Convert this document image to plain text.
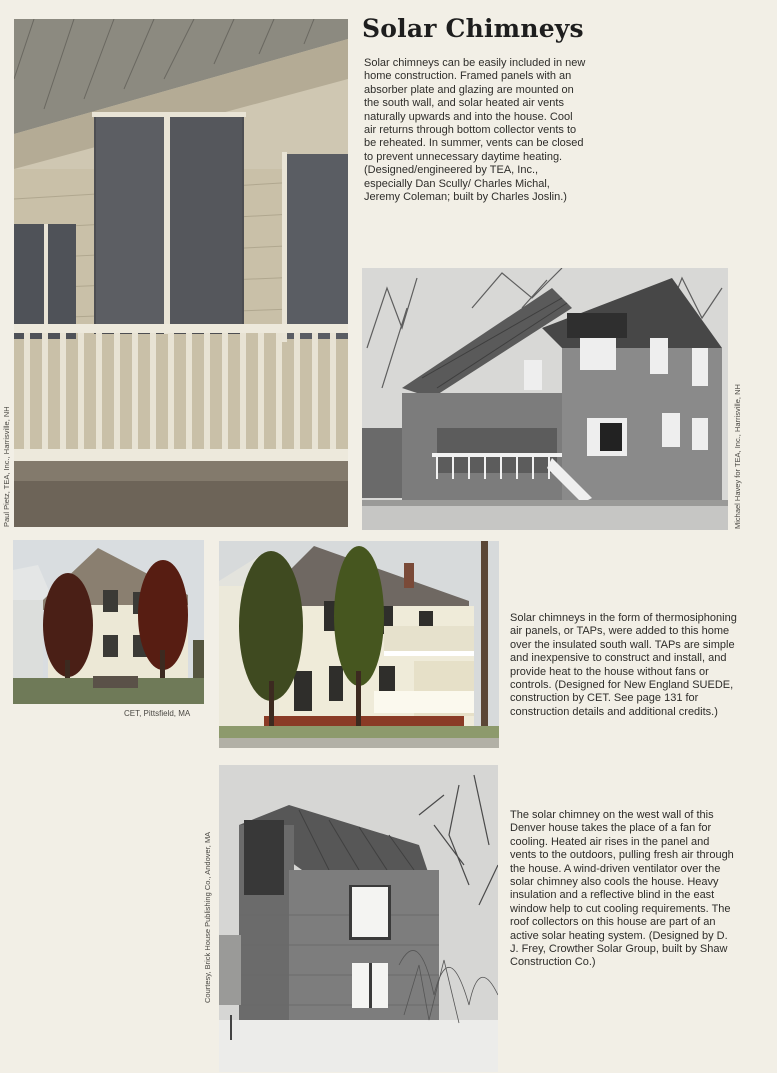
Solar Chimneys

Solar chimneys can be easily included in new home construction. Framed panels with an absorber plate and glazing are mounted on the south wall, and solar heated air vents naturally upwards and into the house. Cool air returns through bottom collector vents to be reheated. In summer, vents can be closed to prevent unnecessary daytime heating. (Designed/engineered by TEA, Inc., especially Dan Scully/ Charles Michal, Jeremy Coleman; built by Charles Joslin.)

Paul Pietz, TEA, Inc., Harrisville, NH	Michael Havey for TEA, Inc., Harrisville, NH
CET, Pittsfield, MA

Solar chimneys in the form of thermosiphoning air panels, or TAPs, were added to this home over the insulated south wall. TAPs are simple and inexpensive to construct and install, and provide heat to the house without fans or controls. (Designed for New England SUEDE, construction by CET. See page 131 for construction details and additional credits.)

Courtesy, Brick House Publishing Co., Andover, MA

The solar chimney on the west wall of this Denver house takes the place of a fan for cooling. Heated air rises in the panel and vents to the outdoors, pulling fresh air through the house. A wind-driven ventilator over the solar chimney also cools the house. Heavy insulation and a reflective blind in the east window help to cut cooling requirements. The roof collectors on this house are part of an active solar heating system. (Designed by D. J. Frey, Crowther Solar Group, built by Shaw Construction Co.)
